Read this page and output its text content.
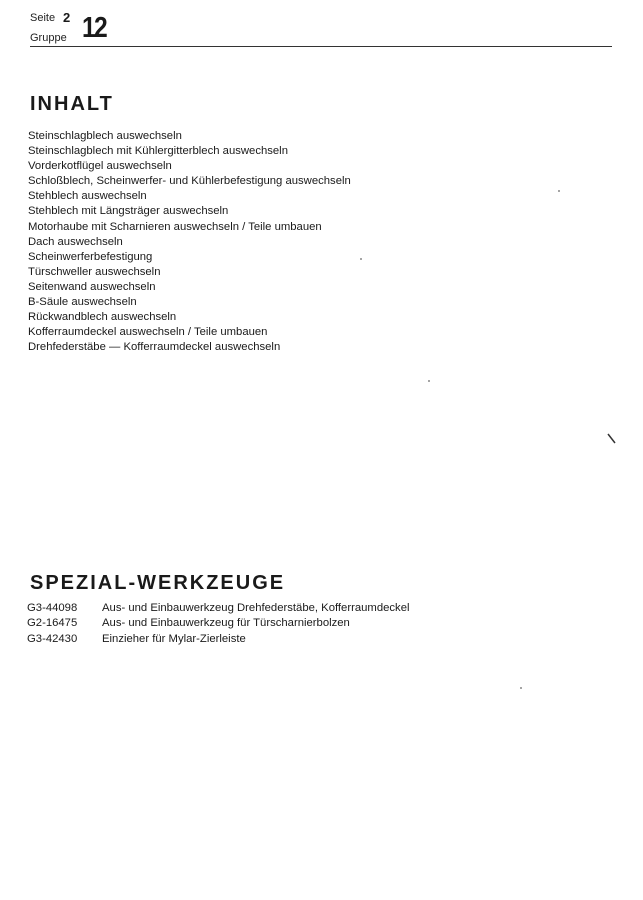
Seite 2
Gruppe 12
INHALT
Steinschlagblech auswechseln
Steinschlagblech mit Kühlergitterblech auswechseln
Vorderkotflügel auswechseln
Schloßblech, Scheinwerfer- und Kühlerbefestigung auswechseln
Stehblech auswechseln
Stehblech mit Längsträger auswechseln
Motorhaube mit Scharnieren auswechseln / Teile umbauen
Dach auswechseln
Scheinwerferbefestigung
Türschweller auswechseln
Seitenwand auswechseln
B-Säule auswechseln
Rückwandblech auswechseln
Kofferraumdeckel auswechseln / Teile umbauen
Drehfederstäbe — Kofferraumdeckel auswechseln
SPEZIAL-WERKZEUGE
G3-44098	Aus- und Einbauwerkzeug Drehfederstäbe, Kofferraumdeckel
G2-16475	Aus- und Einbauwerkzeug für Türscharnierbolzen
G3-42430	Einzieher für Mylar-Zierleiste
